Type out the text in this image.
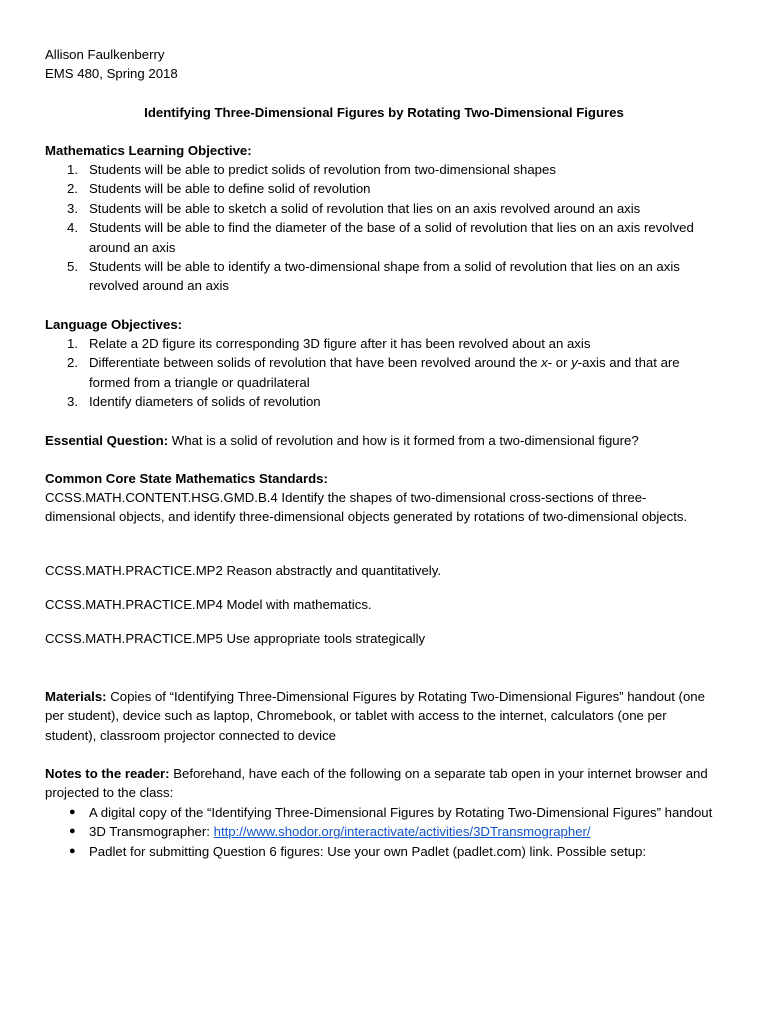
Allison Faulkenberry

EMS 480, Spring 2018

Identifying Three-Dimensional Figures by Rotating Two-Dimensional Figures

Mathematics Learning Objective:

1. Students will be able to predict solids of revolution from two-dimensional shapes
2. Students will be able to define solid of revolution
3. Students will be able to sketch a solid of revolution that lies on an axis revolved around an axis
4. Students will be able to find the diameter of the base of a solid of revolution that lies on an axis revolved around an axis
5. Students will be able to identify a two-dimensional shape from a solid of revolution that lies on an axis revolved around an axis

Language Objectives:

1. Relate a 2D figure its corresponding 3D figure after it has been revolved about an axis
2. Differentiate between solids of revolution that have been revolved around the x- or y-axis and that are formed from a triangle or quadrilateral
3. Identify diameters of solids of revolution

Essential Question: What is a solid of revolution and how is it formed from a two-dimensional figure?

Common Core State Mathematics Standards:

CCSS.MATH.CONTENT.HSG.GMD.B.4 Identify the shapes of two-dimensional cross-sections of three-dimensional objects, and identify three-dimensional objects generated by rotations of two-dimensional objects.

CCSS.MATH.PRACTICE.MP2 Reason abstractly and quantitatively.

CCSS.MATH.PRACTICE.MP4 Model with mathematics.

CCSS.MATH.PRACTICE.MP5 Use appropriate tools strategically

Materials: Copies of “Identifying Three-Dimensional Figures by Rotating Two-Dimensional Figures” handout (one per student), device such as laptop, Chromebook, or tablet with access to the internet, calculators (one per student), classroom projector connected to device

Notes to the reader: Beforehand, have each of the following on a separate tab open in your internet browser and projected to the class:

● A digital copy of the “Identifying Three-Dimensional Figures by Rotating Two-Dimensional Figures” handout
● 3D Transmographer: http://www.shodor.org/interactivate/activities/3DTransmographer/
● Padlet for submitting Question 6 figures: Use your own Padlet (padlet.com) link. Possible setup:
